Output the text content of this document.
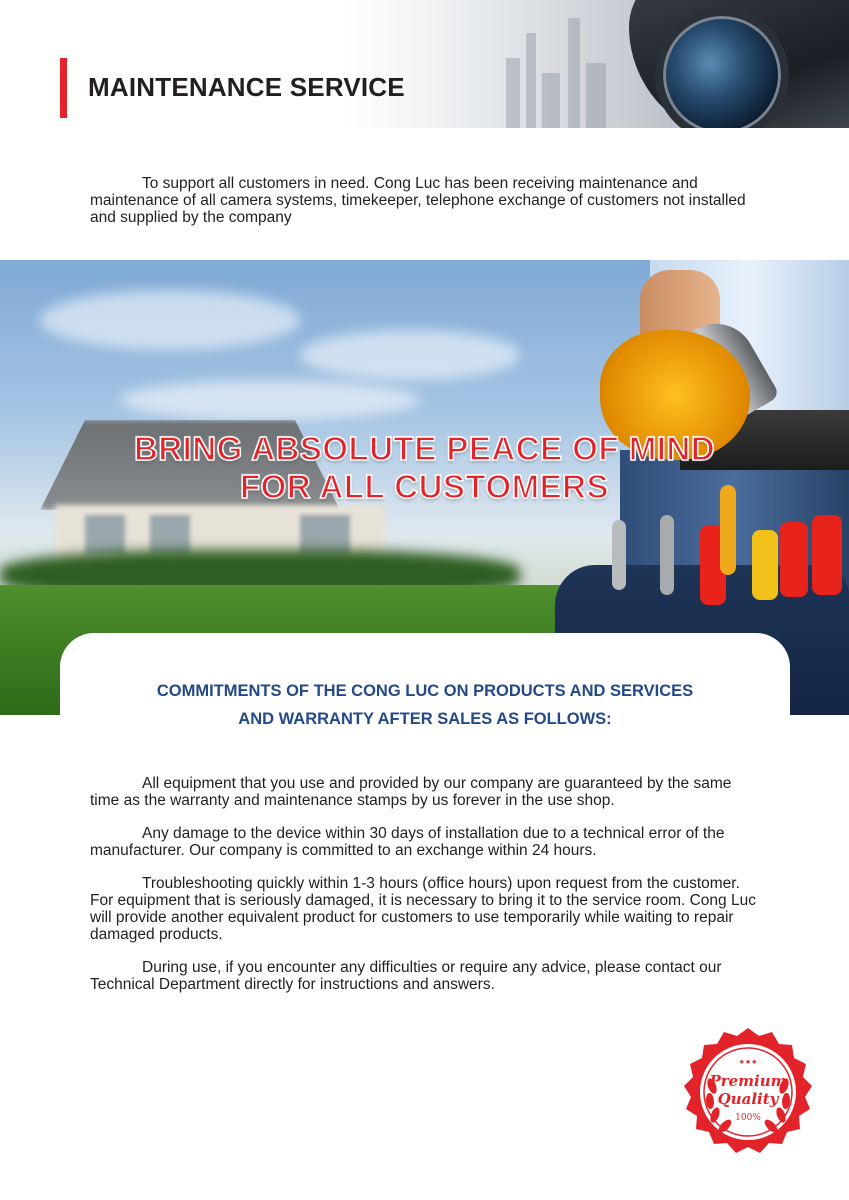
MAINTENANCE SERVICE

To support all customers in need. Cong Luc has been receiving maintenance and maintenance of all camera systems, timekeeper, telephone exchange of customers not installed and supplied by the company

BRING ABSOLUTE PEACE OF MIND
FOR ALL CUSTOMERS
COMMITMENTS OF THE CONG LUC ON PRODUCTS AND SERVICES
AND WARRANTY AFTER SALES AS FOLLOWS:

All equipment that you use and provided by our company are guaranteed by the same time as the warranty and maintenance stamps by us forever in the use shop.

Any damage to the device within 30 days of installation due to a technical error of the manufacturer. Our company is committed to an exchange within 24 hours.

Troubleshooting quickly within 1-3 hours (office hours) upon request from the customer. For equipment that is seriously damaged, it is necessary to bring it to the service room. Cong Luc will provide another equivalent product for customers to use temporarily while waiting to repair damaged products.

During use, if you encounter any difficulties or require any advice, please contact our Technical Department directly for instructions and answers.

★★★
Premium
Quality
100%
